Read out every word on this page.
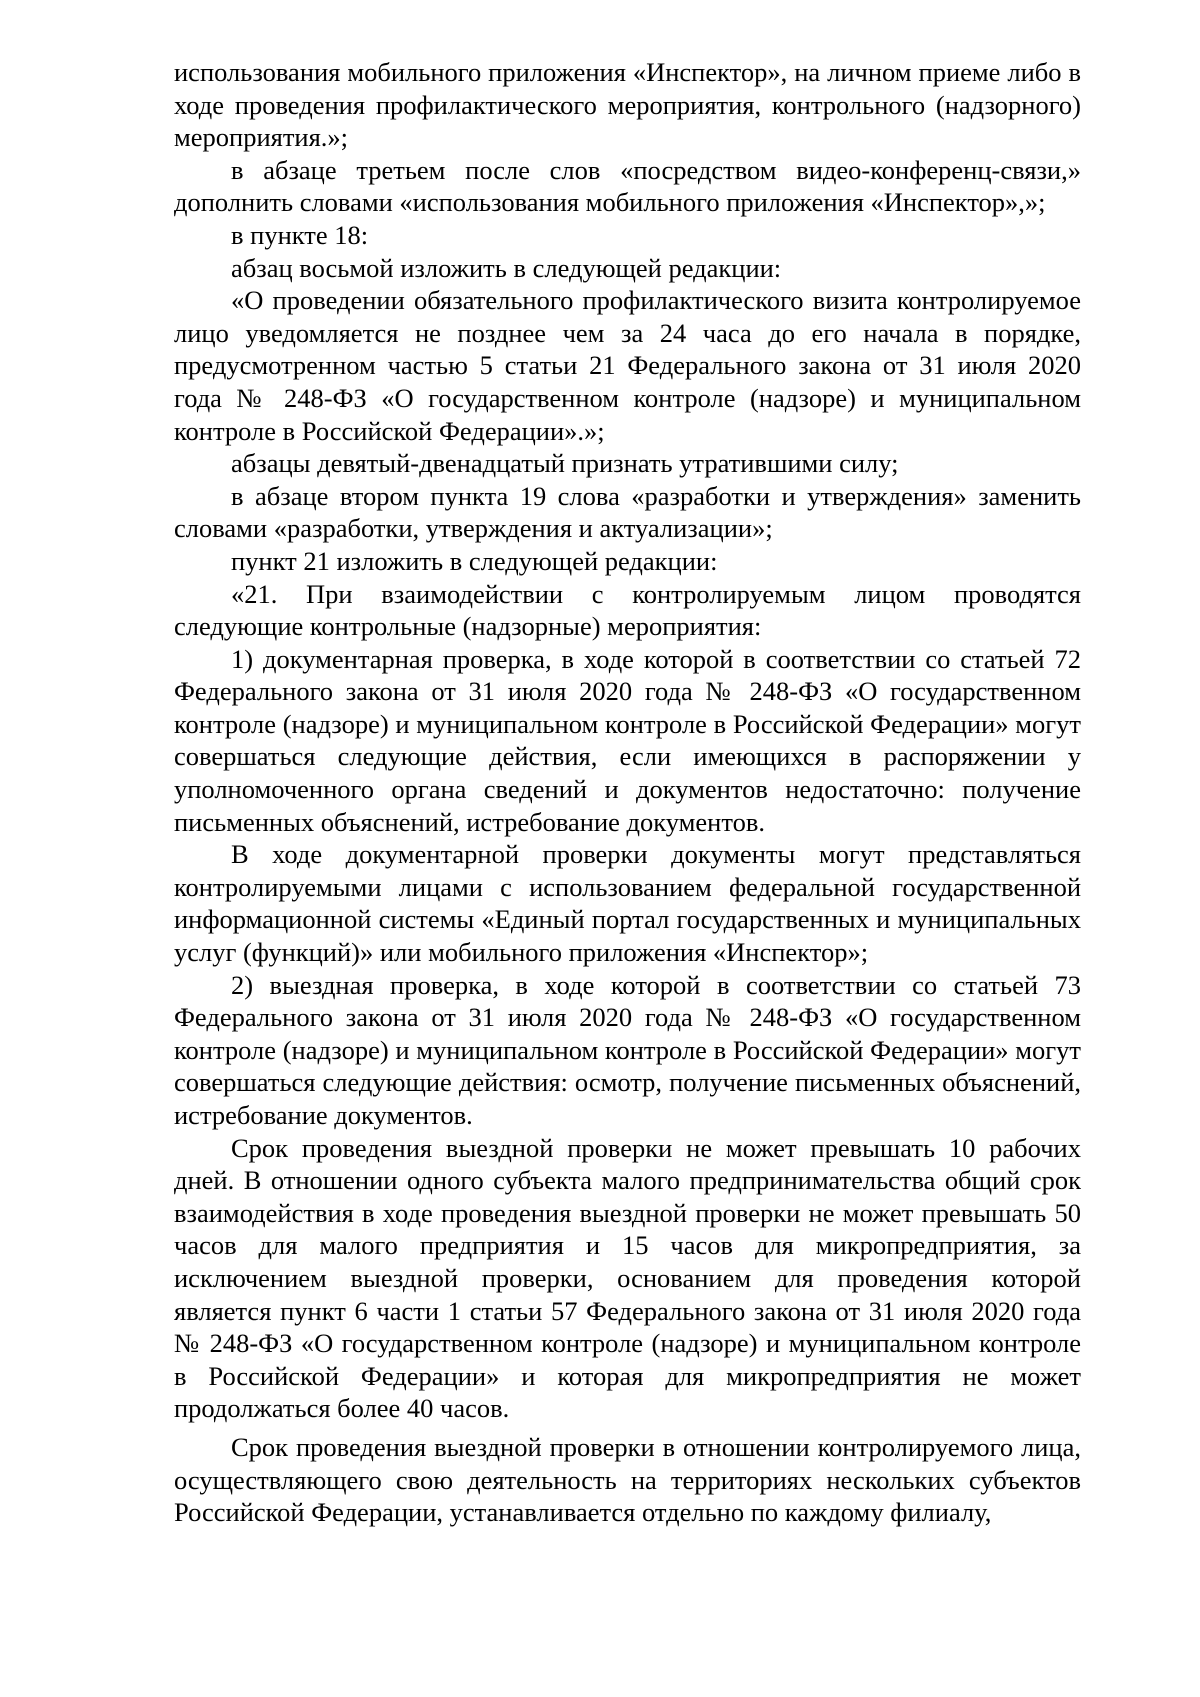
использования мобильного приложения «Инспектор», на личном приеме либо в ходе проведения профилактического мероприятия, контрольного (надзорного) мероприятия.»;

в абзаце третьем после слов «посредством видео-конференц-связи,» дополнить словами «использования мобильного приложения «Инспектор»,»;

в пункте 18:

абзац восьмой изложить в следующей редакции:

«О проведении обязательного профилактического визита контролируемое лицо уведомляется не позднее чем за 24 часа до его начала в порядке, предусмотренном частью 5 статьи 21 Федерального закона от 31 июля 2020 года № 248-ФЗ «О государственном контроле (надзоре) и муниципальном контроле в Российской Федерации».»;

абзацы девятый-двенадцатый признать утратившими силу;

в абзаце втором пункта 19 слова «разработки и утверждения» заменить словами «разработки, утверждения и актуализации»;

пункт 21 изложить в следующей редакции:

«21. При взаимодействии с контролируемым лицом проводятся следующие контрольные (надзорные) мероприятия:

1) документарная проверка, в ходе которой в соответствии со статьей 72 Федерального закона от 31 июля 2020 года № 248-ФЗ «О государственном контроле (надзоре) и муниципальном контроле в Российской Федерации» могут совершаться следующие действия, если имеющихся в распоряжении у уполномоченного органа сведений и документов недостаточно: получение письменных объяснений, истребование документов.

В ходе документарной проверки документы могут представляться контролируемыми лицами с использованием федеральной государственной информационной системы «Единый портал государственных и муниципальных услуг (функций)» или мобильного приложения «Инспектор»;

2) выездная проверка, в ходе которой в соответствии со статьей 73 Федерального закона от 31 июля 2020 года № 248-ФЗ «О государственном контроле (надзоре) и муниципальном контроле в Российской Федерации» могут совершаться следующие действия: осмотр, получение письменных объяснений, истребование документов.

Срок проведения выездной проверки не может превышать 10 рабочих дней. В отношении одного субъекта малого предпринимательства общий срок взаимодействия в ходе проведения выездной проверки не может превышать 50 часов для малого предприятия и 15 часов для микропредприятия, за исключением выездной проверки, основанием для проведения которой является пункт 6 части 1 статьи 57 Федерального закона от 31 июля 2020 года № 248-ФЗ «О государственном контроле (надзоре) и муниципальном контроле в Российской Федерации» и которая для микропредприятия не может продолжаться более 40 часов.

Срок проведения выездной проверки в отношении контролируемого лица, осуществляющего свою деятельность на территориях нескольких субъектов Российской Федерации, устанавливается отдельно по каждому филиалу,
